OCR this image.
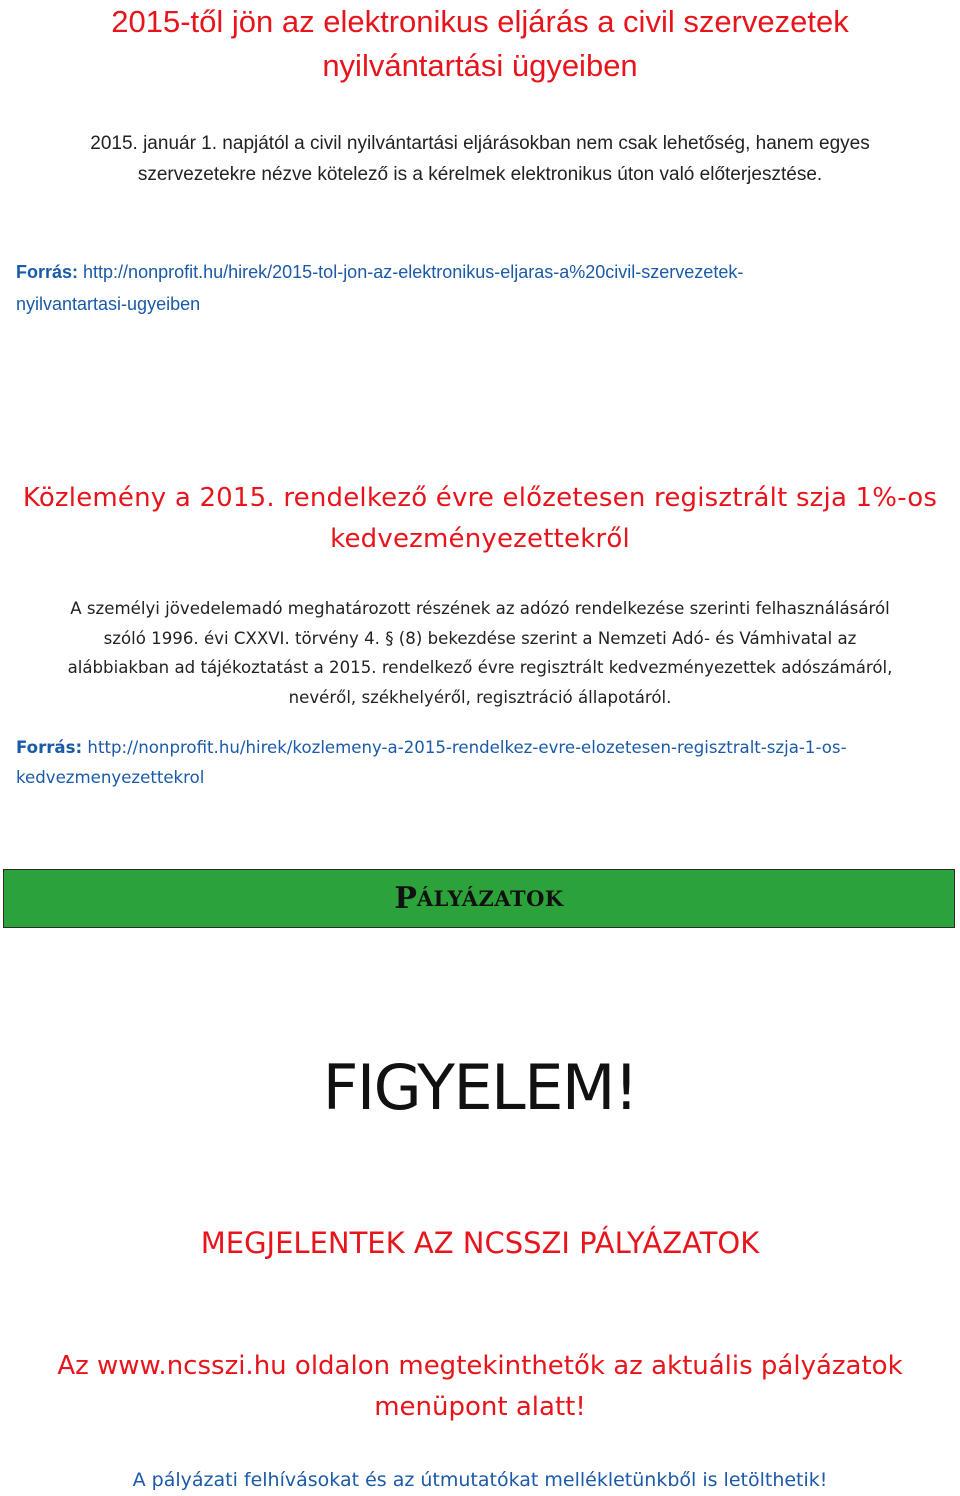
2015-től jön az elektronikus eljárás a civil szervezetek
nyilvántartási ügyeiben
2015. január 1. napjától a civil nyilvántartási eljárásokban nem csak lehetőség, hanem egyes
szervezetekre nézve kötelező is a kérelmek elektronikus úton való előterjesztése.
Forrás: http://nonprofit.hu/hirek/2015-tol-jon-az-elektronikus-eljaras-a%20civil-szervezetek-
nyilvantartasi-ugyeiben
Közlemény a 2015. rendelkező évre előzetesen regisztrált szja 1%-os
kedvezményezettekről
A személyi jövedelemadó meghatározott részének az adózó rendelkezése szerinti felhasználásáról
szóló 1996. évi CXXVI. törvény 4. § (8) bekezdése szerint a Nemzeti Adó- és Vámhivatal az
alábbiakban ad tájékoztatást a 2015. rendelkező évre regisztrált kedvezményezettek adószámáról,
nevéről, székhelyéről, regisztráció állapotáról.
Forrás: http://nonprofit.hu/hirek/kozlemeny-a-2015-rendelkez-evre-elozetesen-regisztralt-szja-1-os-
kedvezmenyezettekrol
P ÁLYÁZATOK
FIGYELEM!
MEGJELENTEK AZ NCSSZI PÁLYÁZATOK
Az www.ncsszi.hu oldalon megtekinthetők az aktuális pályázatok
menüpont alatt!
A pályázati felhívásokat és az útmutatókat mellékletünkből is letölthetik!
